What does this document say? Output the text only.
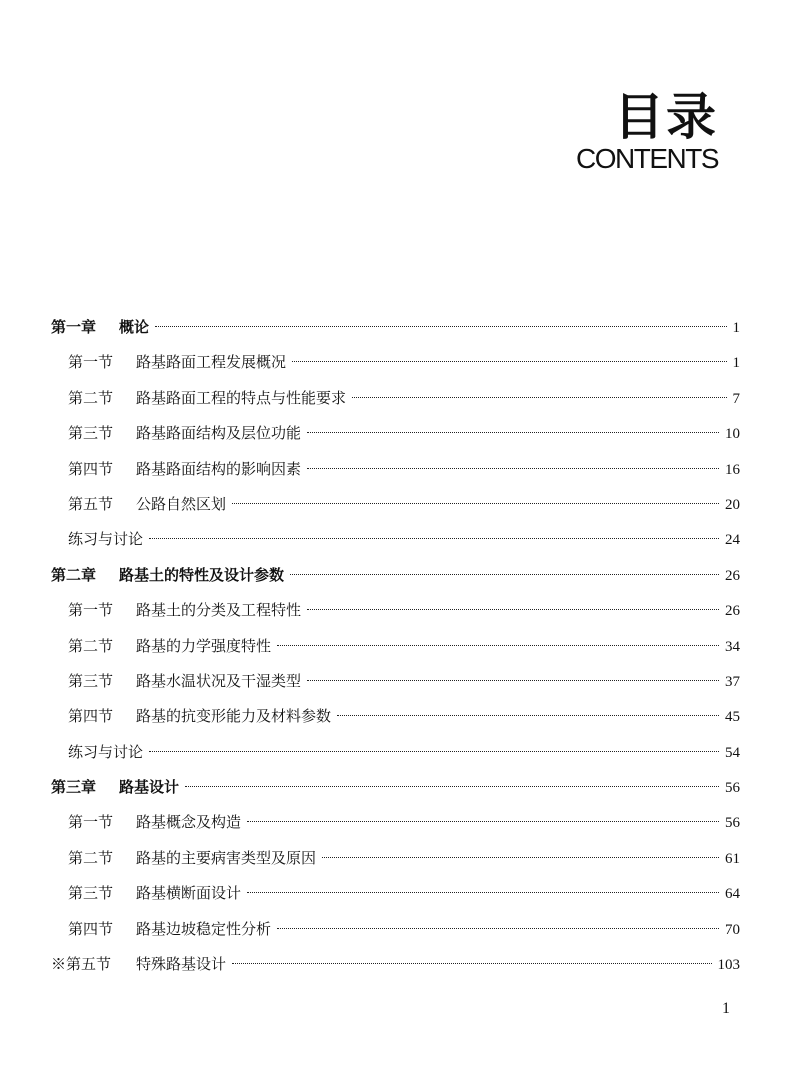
目录
CONTENTS
第一章	概论	1
第一节	路基路面工程发展概况	1
第二节	路基路面工程的特点与性能要求	7
第三节	路基路面结构及层位功能	10
第四节	路基路面结构的影响因素	16
第五节	公路自然区划	20
练习与讨论	24
第二章	路基土的特性及设计参数	26
第一节	路基土的分类及工程特性	26
第二节	路基的力学强度特性	34
第三节	路基水温状况及干湿类型	37
第四节	路基的抗变形能力及材料参数	45
练习与讨论	54
第三章	路基设计	56
第一节	路基概念及构造	56
第二节	路基的主要病害类型及原因	61
第三节	路基横断面设计	64
第四节	路基边坡稳定性分析	70
※第五节	特殊路基设计	103
1
